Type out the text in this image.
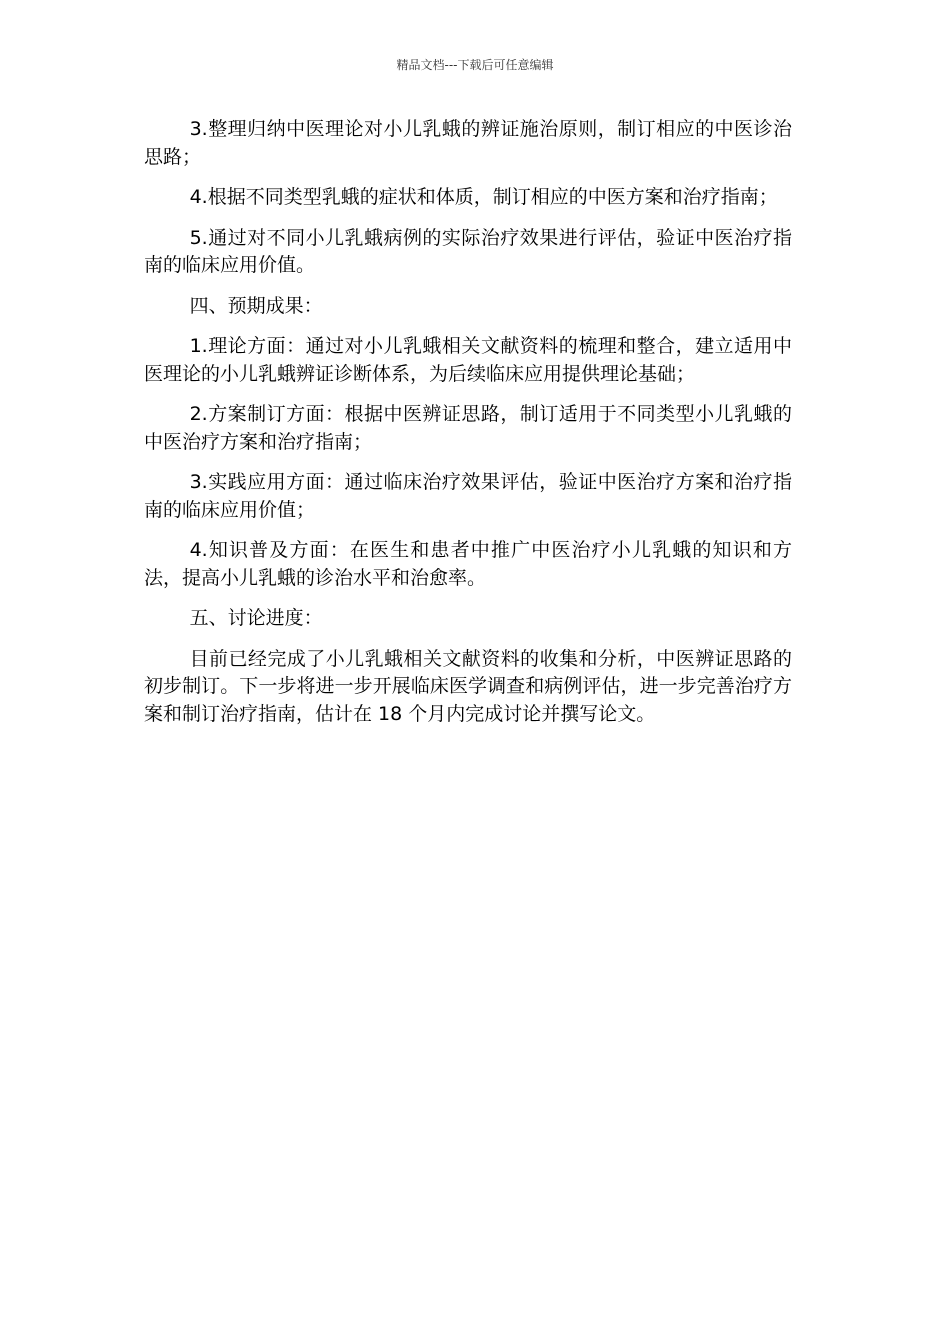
精品文档---下载后可任意编辑

3.整理归纳中医理论对小儿乳蛾的辨证施治原则，制订相应的中医诊治思路；

4.根据不同类型乳蛾的症状和体质，制订相应的中医方案和治疗指南；

5.通过对不同小儿乳蛾病例的实际治疗效果进行评估，验证中医治疗指南的临床应用价值。

四、预期成果：

1.理论方面：通过对小儿乳蛾相关文献资料的梳理和整合，建立适用中医理论的小儿乳蛾辨证诊断体系，为后续临床应用提供理论基础；

2.方案制订方面：根据中医辨证思路，制订适用于不同类型小儿乳蛾的中医治疗方案和治疗指南；

3.实践应用方面：通过临床治疗效果评估，验证中医治疗方案和治疗指南的临床应用价值；

4.知识普及方面：在医生和患者中推广中医治疗小儿乳蛾的知识和方法，提高小儿乳蛾的诊治水平和治愈率。

五、讨论进度：

目前已经完成了小儿乳蛾相关文献资料的收集和分析，中医辨证思路的初步制订。下一步将进一步开展临床医学调查和病例评估，进一步完善治疗方案和制订治疗指南，估计在 18 个月内完成讨论并撰写论文。
